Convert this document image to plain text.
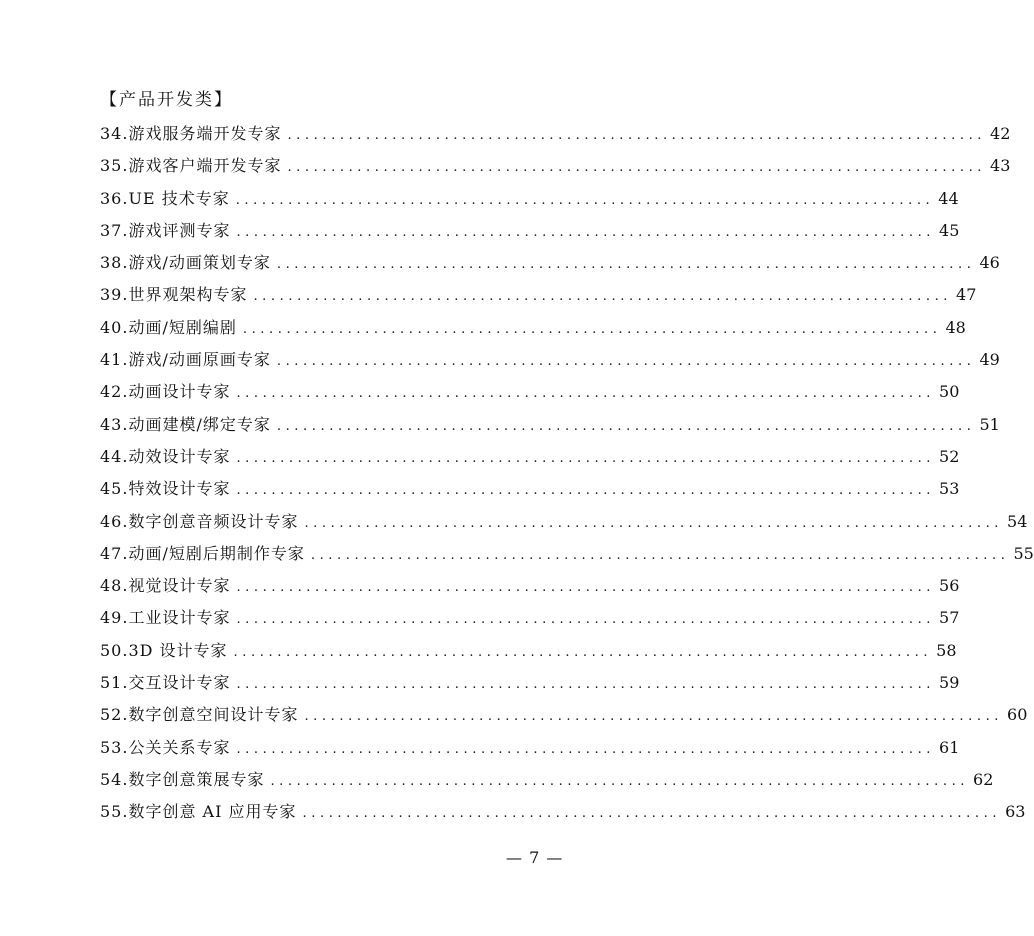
【产品开发类】
34.游戏服务端开发专家 ................................................................................ 42
35.游戏客户端开发专家 ................................................................................ 43
36.UE 技术专家 ................................................................................ 44
37.游戏评测专家 ................................................................................ 45
38.游戏/动画策划专家 ................................................................................ 46
39.世界观架构专家 ................................................................................ 47
40.动画/短剧编剧 ................................................................................ 48
41.游戏/动画原画专家 ................................................................................ 49
42.动画设计专家 ................................................................................ 50
43.动画建模/绑定专家 ................................................................................ 51
44.动效设计专家 ................................................................................ 52
45.特效设计专家 ................................................................................ 53
46.数字创意音频设计专家 ................................................................................ 54
47.动画/短剧后期制作专家 ................................................................................ 55
48.视觉设计专家 ................................................................................ 56
49.工业设计专家 ................................................................................ 57
50.3D 设计专家 ................................................................................ 58
51.交互设计专家 ................................................................................ 59
52.数字创意空间设计专家 ................................................................................ 60
53.公关关系专家 ................................................................................ 61
54.数字创意策展专家 ................................................................................ 62
55.数字创意 AI 应用专家 ................................................................................ 63
— 7 —
